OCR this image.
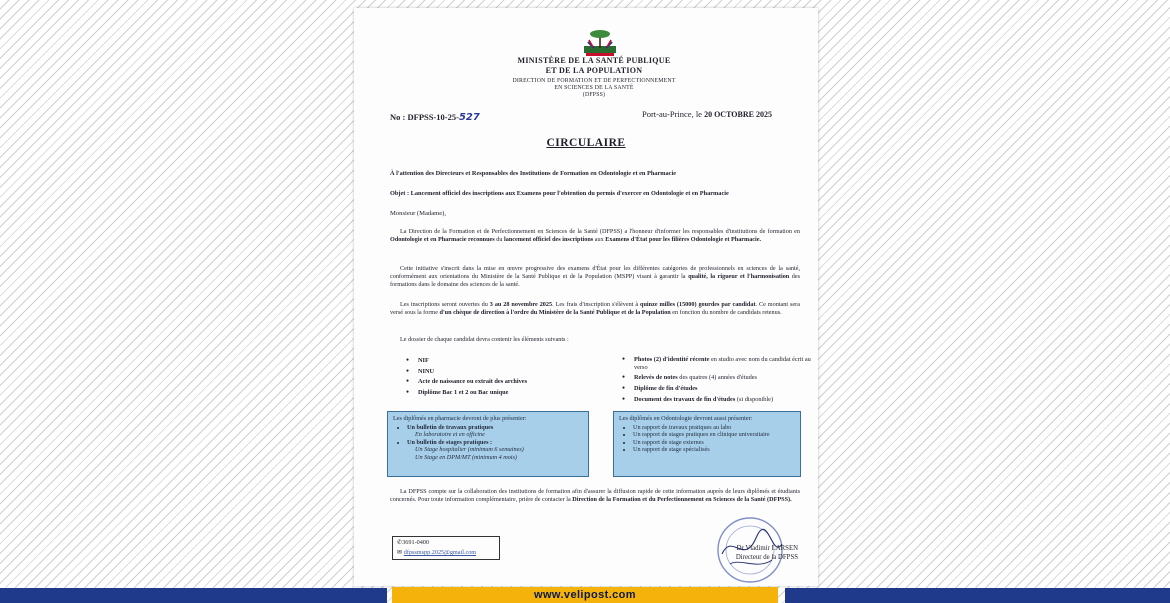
MINISTÈRE DE LA SANTÉ PUBLIQUE
ET DE LA POPULATION
DIRECTION DE FORMATION ET DE PERFECTIONNEMENT
EN SCIENCES DE LA SANTÉ
(DFPSS)
No : DFPSS-10-25-527	Port-au-Prince, le 20 OCTOBRE 2025
CIRCULAIRE
À l'attention des Directeurs et Responsables des Institutions de Formation en Odontologie et en Pharmacie
Objet : Lancement officiel des inscriptions aux Examens pour l'obtention du permis d'exercer en Odontologie et en Pharmacie
Monsieur (Madame),
La Direction de la Formation et de Perfectionnement en Sciences de la Santé (DFPSS) a l'honneur d'informer les responsables d'institutions de formation en Odontologie et en Pharmacie reconnues du lancement officiel des inscriptions aux Examens d'État pour les filières Odontologie et Pharmacie.
Cette initiative s'inscrit dans la mise en œuvre progressive des examens d'État pour les différentes catégories de professionnels en sciences de la santé, conformément aux orientations du Ministère de la Santé Publique et de la Population (MSPP) visant à garantir la qualité, la rigueur et l'harmonisation des formations dans le domaine des sciences de la santé.
Les inscriptions seront ouvertes du 3 au 28 novembre 2025. Les frais d'inscription s'élèvent à quinze milles (15000) gourdes par candidat. Ce montant sera versé sous la forme d'un chèque de direction à l'ordre du Ministère de la Santé Publique et de la Population en fonction du nombre de candidats retenus.
Le dossier de chaque candidat devra contenir les éléments suivants :
● NIF
● NINU
● Acte de naissance ou extrait des archives
● Diplôme Bac 1 et 2 ou Bac unique
● Photos (2) d'identité récente en studio avec nom du candidat écrit au verso
● Relevés de notes des quatres (4) années d'études
● Diplôme de fin d'études
● Document des travaux de fin d'études (si disponible)
Les diplômés en pharmacie devront de plus présenter:
• Un bulletin de travaux pratiques
En laboratoire et en officine
• Un bulletin de stages pratiques :
Un Stage hospitalier (minimum 6 semaines)
Un Stage en DPM/MT (minimum 4 mois)
Les diplômés en Odontologie devront aussi présenter:
• Un rapport de travaux pratiques au labo
• Un rapport de stages pratiques en clinique universitaire
• Un rapport de stage externes
• Un rapport de stage spécialisés
La DFPSS compte sur la collaboration des institutions de formation afin d'assurer la diffusion rapide de cette information auprès de leurs diplômés et étudiants concernés. Pour toute information complémentaire, prière de contacter la Direction de la Formation et du Perfectionnement en Sciences de la Santé (DFPSS).
✆3691-0400
✉ dfpssmspp.2025@gmail.com
Dr Vladimir LARSEN
Directeur de la DFPSS
www.velipost.com
